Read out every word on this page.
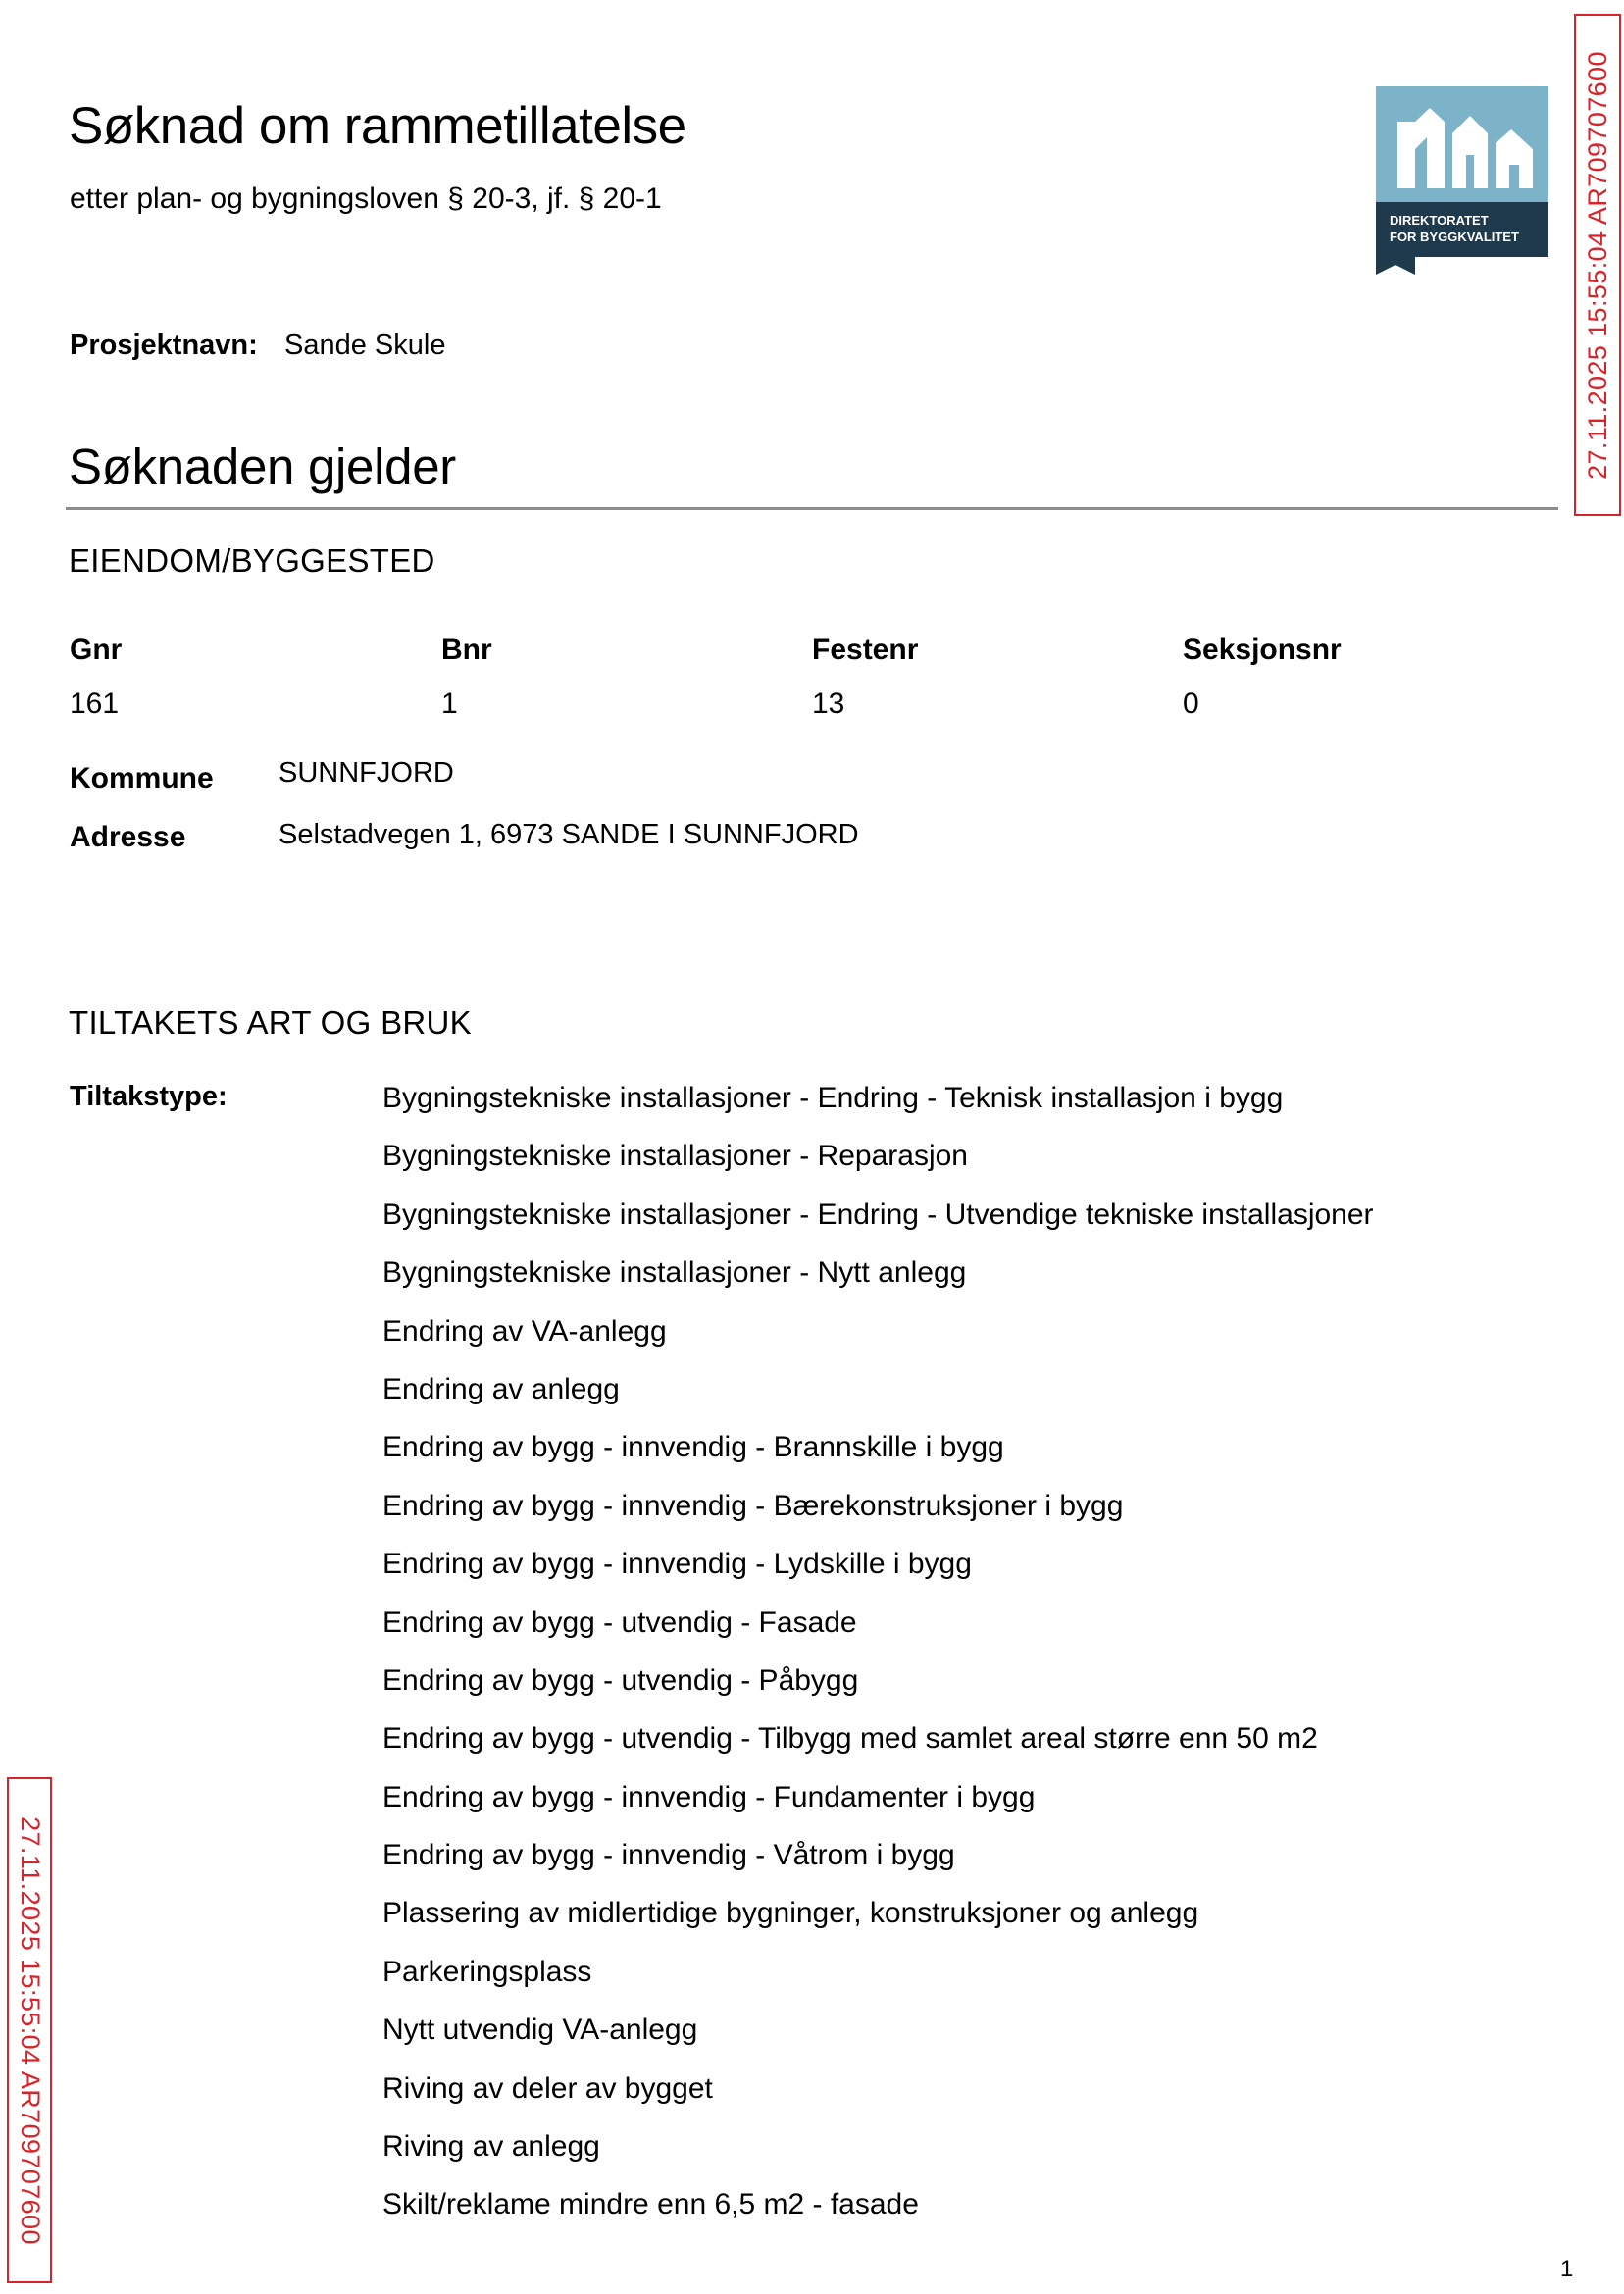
Søknad om rammetillatelse
etter plan- og bygningsloven § 20-3, jf. § 20-1
DIREKTORATET
FOR BYGGKVALITET 27.11.2025 15:55:04 AR709707600
27.11.2025 15:55:04 AR709707600
Prosjektnavn: Sande Skule
Søknaden gjelder
EIENDOM/BYGGESTED
Gnr	Bnr	Festenr	Seksjonsnr
161	1	13	0
Kommune SUNNFJORD
Adresse	Selstadvegen 1, 6973 SANDE I SUNNFJORD
TILTAKETS ART OG BRUK
Tiltakstype:	Bygningstekniske installasjoner - Endring - Teknisk installasjon i bygg
Bygningstekniske installasjoner - Reparasjon
Bygningstekniske installasjoner - Endring - Utvendige tekniske installasjoner
Bygningstekniske installasjoner - Nytt anlegg
Endring av VA-anlegg
Endring av anlegg
Endring av bygg - innvendig - Brannskille i bygg
Endring av bygg - innvendig - Bærekonstruksjoner i bygg
Endring av bygg - innvendig - Lydskille i bygg
Endring av bygg - utvendig - Fasade
Endring av bygg - utvendig - Påbygg
Endring av bygg - utvendig - Tilbygg med samlet areal større enn 50 m2
Endring av bygg - innvendig - Fundamenter i bygg
Endring av bygg - innvendig - Våtrom i bygg
Plassering av midlertidige bygninger, konstruksjoner og anlegg
Parkeringsplass
Nytt utvendig VA-anlegg
Riving av deler av bygget
Riving av anlegg
Skilt/reklame mindre enn 6,5 m2 - fasade
1
